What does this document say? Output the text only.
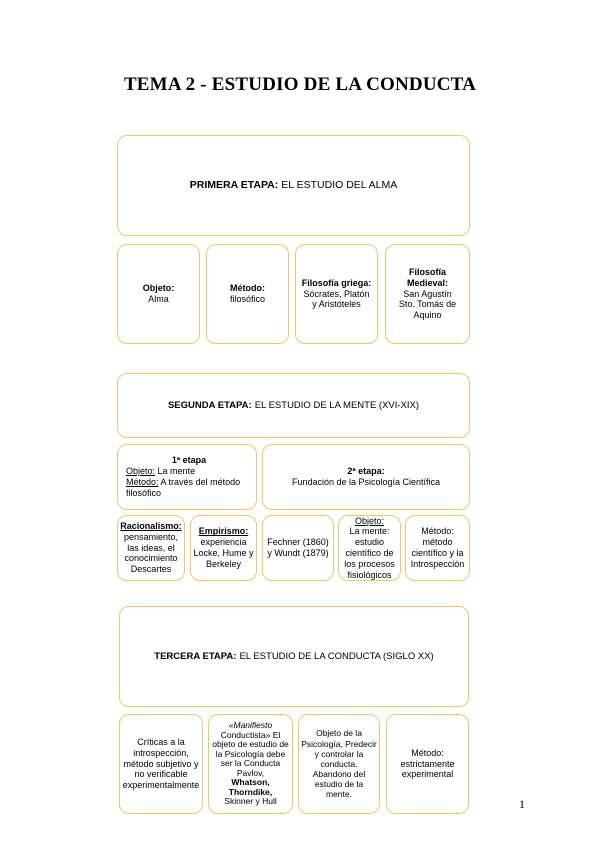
TEMA 2 - ESTUDIO DE LA CONDUCTA
PRIMERA ETAPA: EL ESTUDIO DEL ALMA
Objeto:
Alma
Método:
filosófico
Filosofía griega:
Sócrates, Platón y Aristóteles
Filosofía Medieval:
San Agustín
Sto. Tomás de Aquino
SEGUNDA ETAPA: EL ESTUDIO DE LA MENTE (XVI-XIX)
1ª etapa
Objeto: La mente
Método: A través del método filosófico
2ª etapa:
Fundación de la Psicología Científica
Racionalismo:
pensamiento, las ideas, el conocimiento
Descartes
Empirismo:
experiencia
Locke, Hume y Berkeley
Fechner (1860) y Wundt (1879)
Objeto:
La mente: estudio científico de los procesos fisiológicos
Método:
método científico y la
Introspección
TERCERA ETAPA: EL ESTUDIO DE LA CONDUCTA (SIGLO XX)
Críticas a la introspección, método subjetivo y no verificable experimentalmente
«Manifiesto
Conductista» El objeto de estudio de la Psicología debe ser la Conducta
Pavlov,
Whatson,
Thorndike,
Skinner y Hull
Objeto de la Psicología, Predecir y controlar la conducta. Abandono del estudio de la mente.
Método:
estrictamente experimental
1
